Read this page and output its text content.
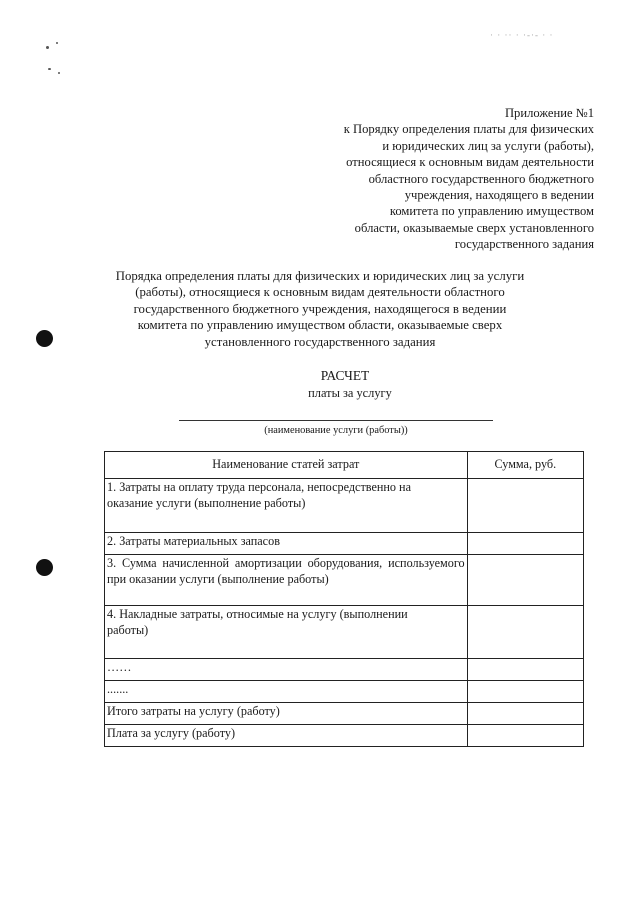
· · ·· · ·-·- · ·
Приложение №1
к Порядку определения платы для физических
и юридических лиц за услуги (работы),
относящиеся к основным видам деятельности
областного государственного бюджетного
учреждения, находящего в ведении
комитета по управлению имуществом
области, оказываемые сверх установленного
государственного задания
Порядка определения платы для физических и юридических лиц за услуги
(работы), относящиеся к основным видам деятельности областного
государственного бюджетного учреждения, находящегося в ведении
комитета по управлению имуществом области, оказываемые сверх
установленного государственного задания
РАСЧЕТ
платы за услугу
(наименование услуги (работы))
Наименование статей затрат	Сумма, руб.
1. Затраты на оплату труда персонала, непосредственно на
оказание услуги (выполнение работы)	
2. Затраты материальных запасов	
3. Сумма начисленной амортизации оборудования, используемого при оказании услуги (выполнение работы)	
4. Накладные затраты, относимые на услугу (выполнении
работы)	
……	
.......	
Итого затраты на услугу (работу)	
Плата за услугу (работу)	
